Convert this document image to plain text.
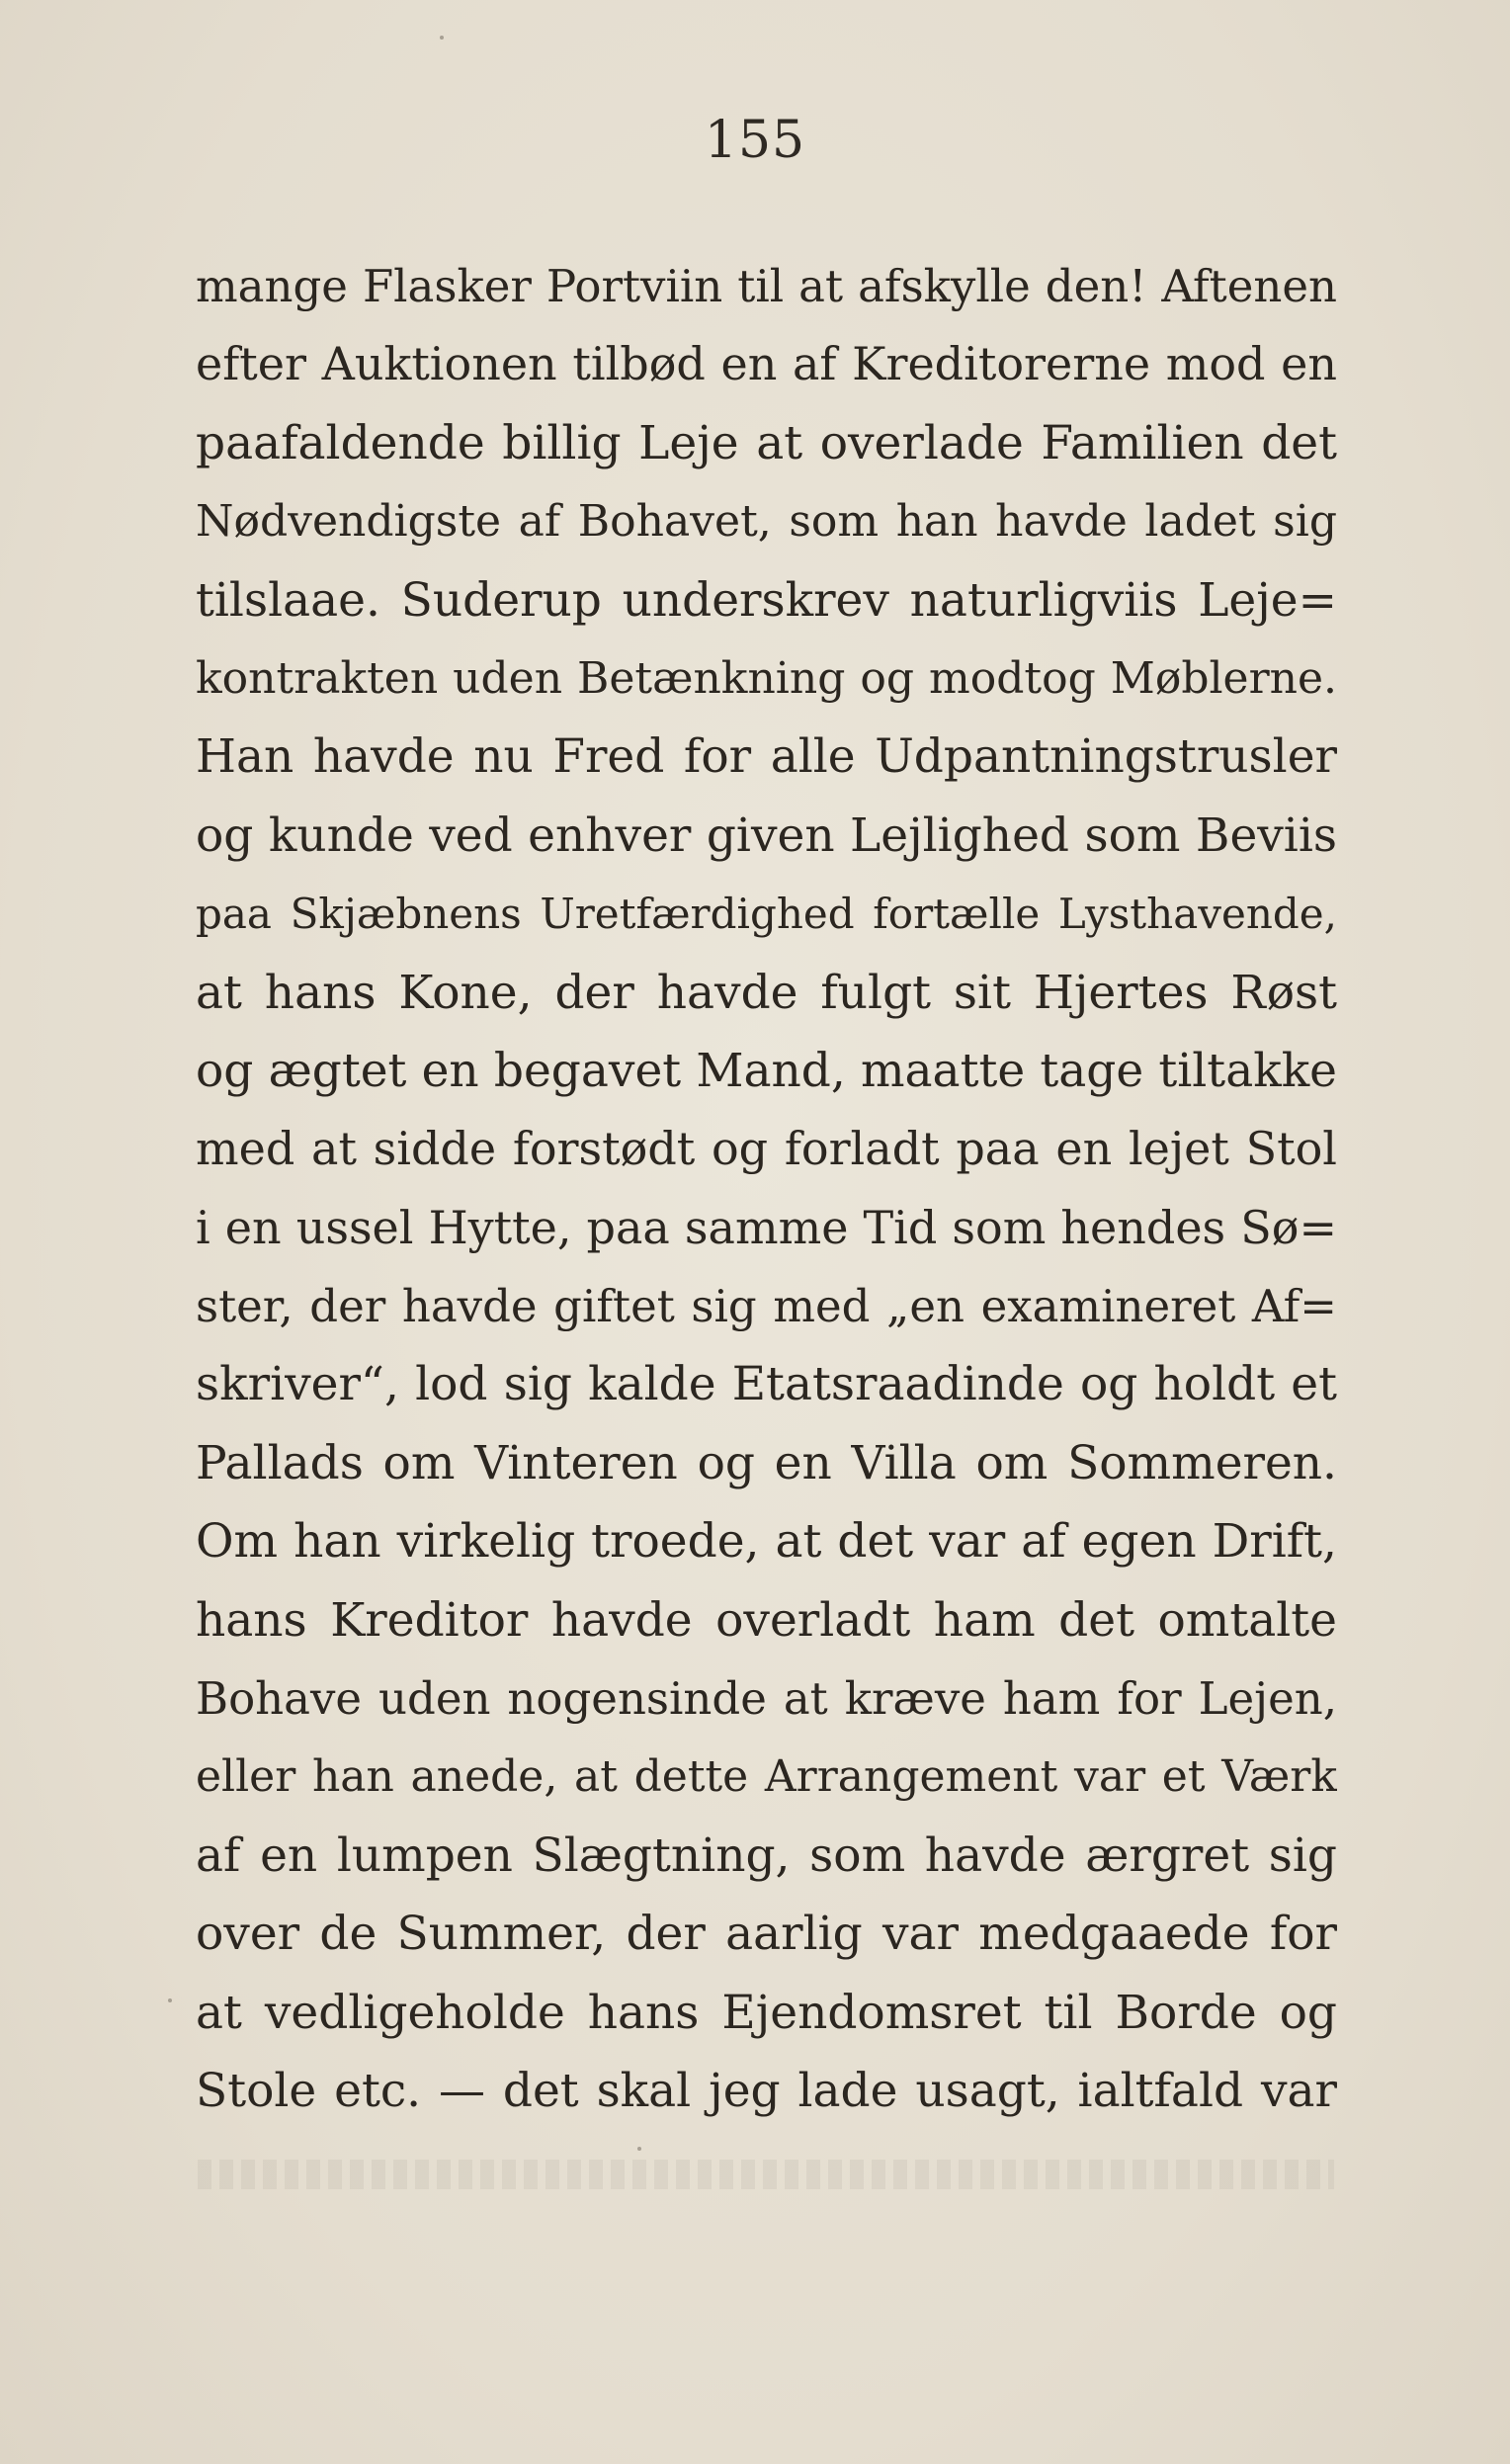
155
mange Flasker Portviin til at afskylle den! Aftenen
efter Auktionen tilbød en af Kreditorerne mod en
paafaldende billig Leje at overlade Familien det
Nødvendigste af Bohavet, som han havde ladet sig
tilslaae. Suderup underskrev naturligviis Leje=
kontrakten uden Betænkning og modtog Møblerne.
Han havde nu Fred for alle Udpantningstrusler
og kunde ved enhver given Lejlighed som Beviis
paa Skjæbnens Uretfærdighed fortælle Lysthavende,
at hans Kone, der havde fulgt sit Hjertes Røst
og ægtet en begavet Mand, maatte tage tiltakke
med at sidde forstødt og forladt paa en lejet Stol
i en ussel Hytte, paa samme Tid som hendes Sø=
ster, der havde giftet sig med „en examineret Af=
skriver“, lod sig kalde Etatsraadinde og holdt et
Pallads om Vinteren og en Villa om Sommeren.
Om han virkelig troede, at det var af egen Drift,
hans Kreditor havde overladt ham det omtalte
Bohave uden nogensinde at kræve ham for Lejen,
eller han anede, at dette Arrangement var et Værk
af en lumpen Slægtning, som havde ærgret sig
over de Summer, der aarlig var medgaaede for
at vedligeholde hans Ejendomsret til Borde og
Stole etc. — det skal jeg lade usagt, ialtfald var
